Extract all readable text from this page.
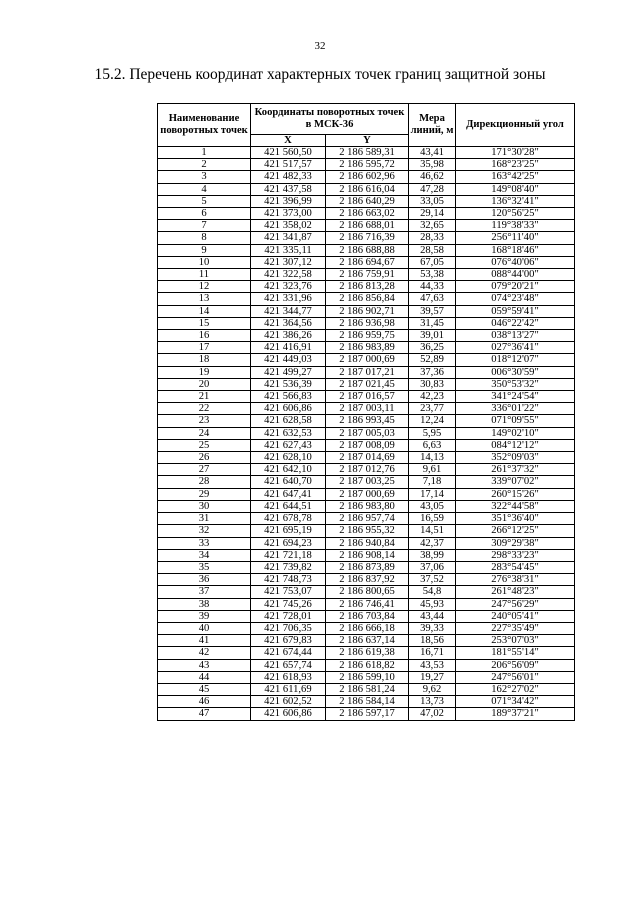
32
15.2. Перечень координат характерных точек границ защитной зоны
Наименование поворотных точек	Координаты поворотных точек в МСК-36		Мера линий, м	Дирекционный угол
	X	Y		
1	421 560,50	2 186 589,31	43,41	171°30'28"
2	421 517,57	2 186 595,72	35,98	168°23'25"
3	421 482,33	2 186 602,96	46,62	163°42'25"
4	421 437,58	2 186 616,04	47,28	149°08'40"
5	421 396,99	2 186 640,29	33,05	136°32'41"
6	421 373,00	2 186 663,02	29,14	120°56'25"
7	421 358,02	2 186 688,01	32,65	119°38'33"
8	421 341,87	2 186 716,39	28,33	256°11'40"
9	421 335,11	2 186 688,88	28,58	168°18'46"
10	421 307,12	2 186 694,67	67,05	076°40'06"
11	421 322,58	2 186 759,91	53,38	088°44'00"
12	421 323,76	2 186 813,28	44,33	079°20'21"
13	421 331,96	2 186 856,84	47,63	074°23'48"
14	421 344,77	2 186 902,71	39,57	059°59'41"
15	421 364,56	2 186 936,98	31,45	046°22'42"
16	421 386,26	2 186 959,75	39,01	038°13'27"
17	421 416,91	2 186 983,89	36,25	027°36'41"
18	421 449,03	2 187 000,69	52,89	018°12'07"
19	421 499,27	2 187 017,21	37,36	006°30'59"
20	421 536,39	2 187 021,45	30,83	350°53'32"
21	421 566,83	2 187 016,57	42,23	341°24'54"
22	421 606,86	2 187 003,11	23,77	336°01'22"
23	421 628,58	2 186 993,45	12,24	071°09'55"
24	421 632,53	2 187 005,03	5,95	149°02'10"
25	421 627,43	2 187 008,09	6,63	084°12'12"
26	421 628,10	2 187 014,69	14,13	352°09'03"
27	421 642,10	2 187 012,76	9,61	261°37'32"
28	421 640,70	2 187 003,25	7,18	339°07'02"
29	421 647,41	2 187 000,69	17,14	260°15'26"
30	421 644,51	2 186 983,80	43,05	322°44'58"
31	421 678,78	2 186 957,74	16,59	351°36'40"
32	421 695,19	2 186 955,32	14,51	266°12'25"
33	421 694,23	2 186 940,84	42,37	309°29'38"
34	421 721,18	2 186 908,14	38,99	298°33'23"
35	421 739,82	2 186 873,89	37,06	283°54'45"
36	421 748,73	2 186 837,92	37,52	276°38'31"
37	421 753,07	2 186 800,65	54,8	261°48'23"
38	421 745,26	2 186 746,41	45,93	247°56'29"
39	421 728,01	2 186 703,84	43,44	240°05'41"
40	421 706,35	2 186 666,18	39,33	227°35'49"
41	421 679,83	2 186 637,14	18,56	253°07'03"
42	421 674,44	2 186 619,38	16,71	181°55'14"
43	421 657,74	2 186 618,82	43,53	206°56'09"
44	421 618,93	2 186 599,10	19,27	247°56'01"
45	421 611,69	2 186 581,24	9,62	162°27'02"
46	421 602,52	2 186 584,14	13,73	071°34'42"
47	421 606,86	2 186 597,17	47,02	189°37'21"
